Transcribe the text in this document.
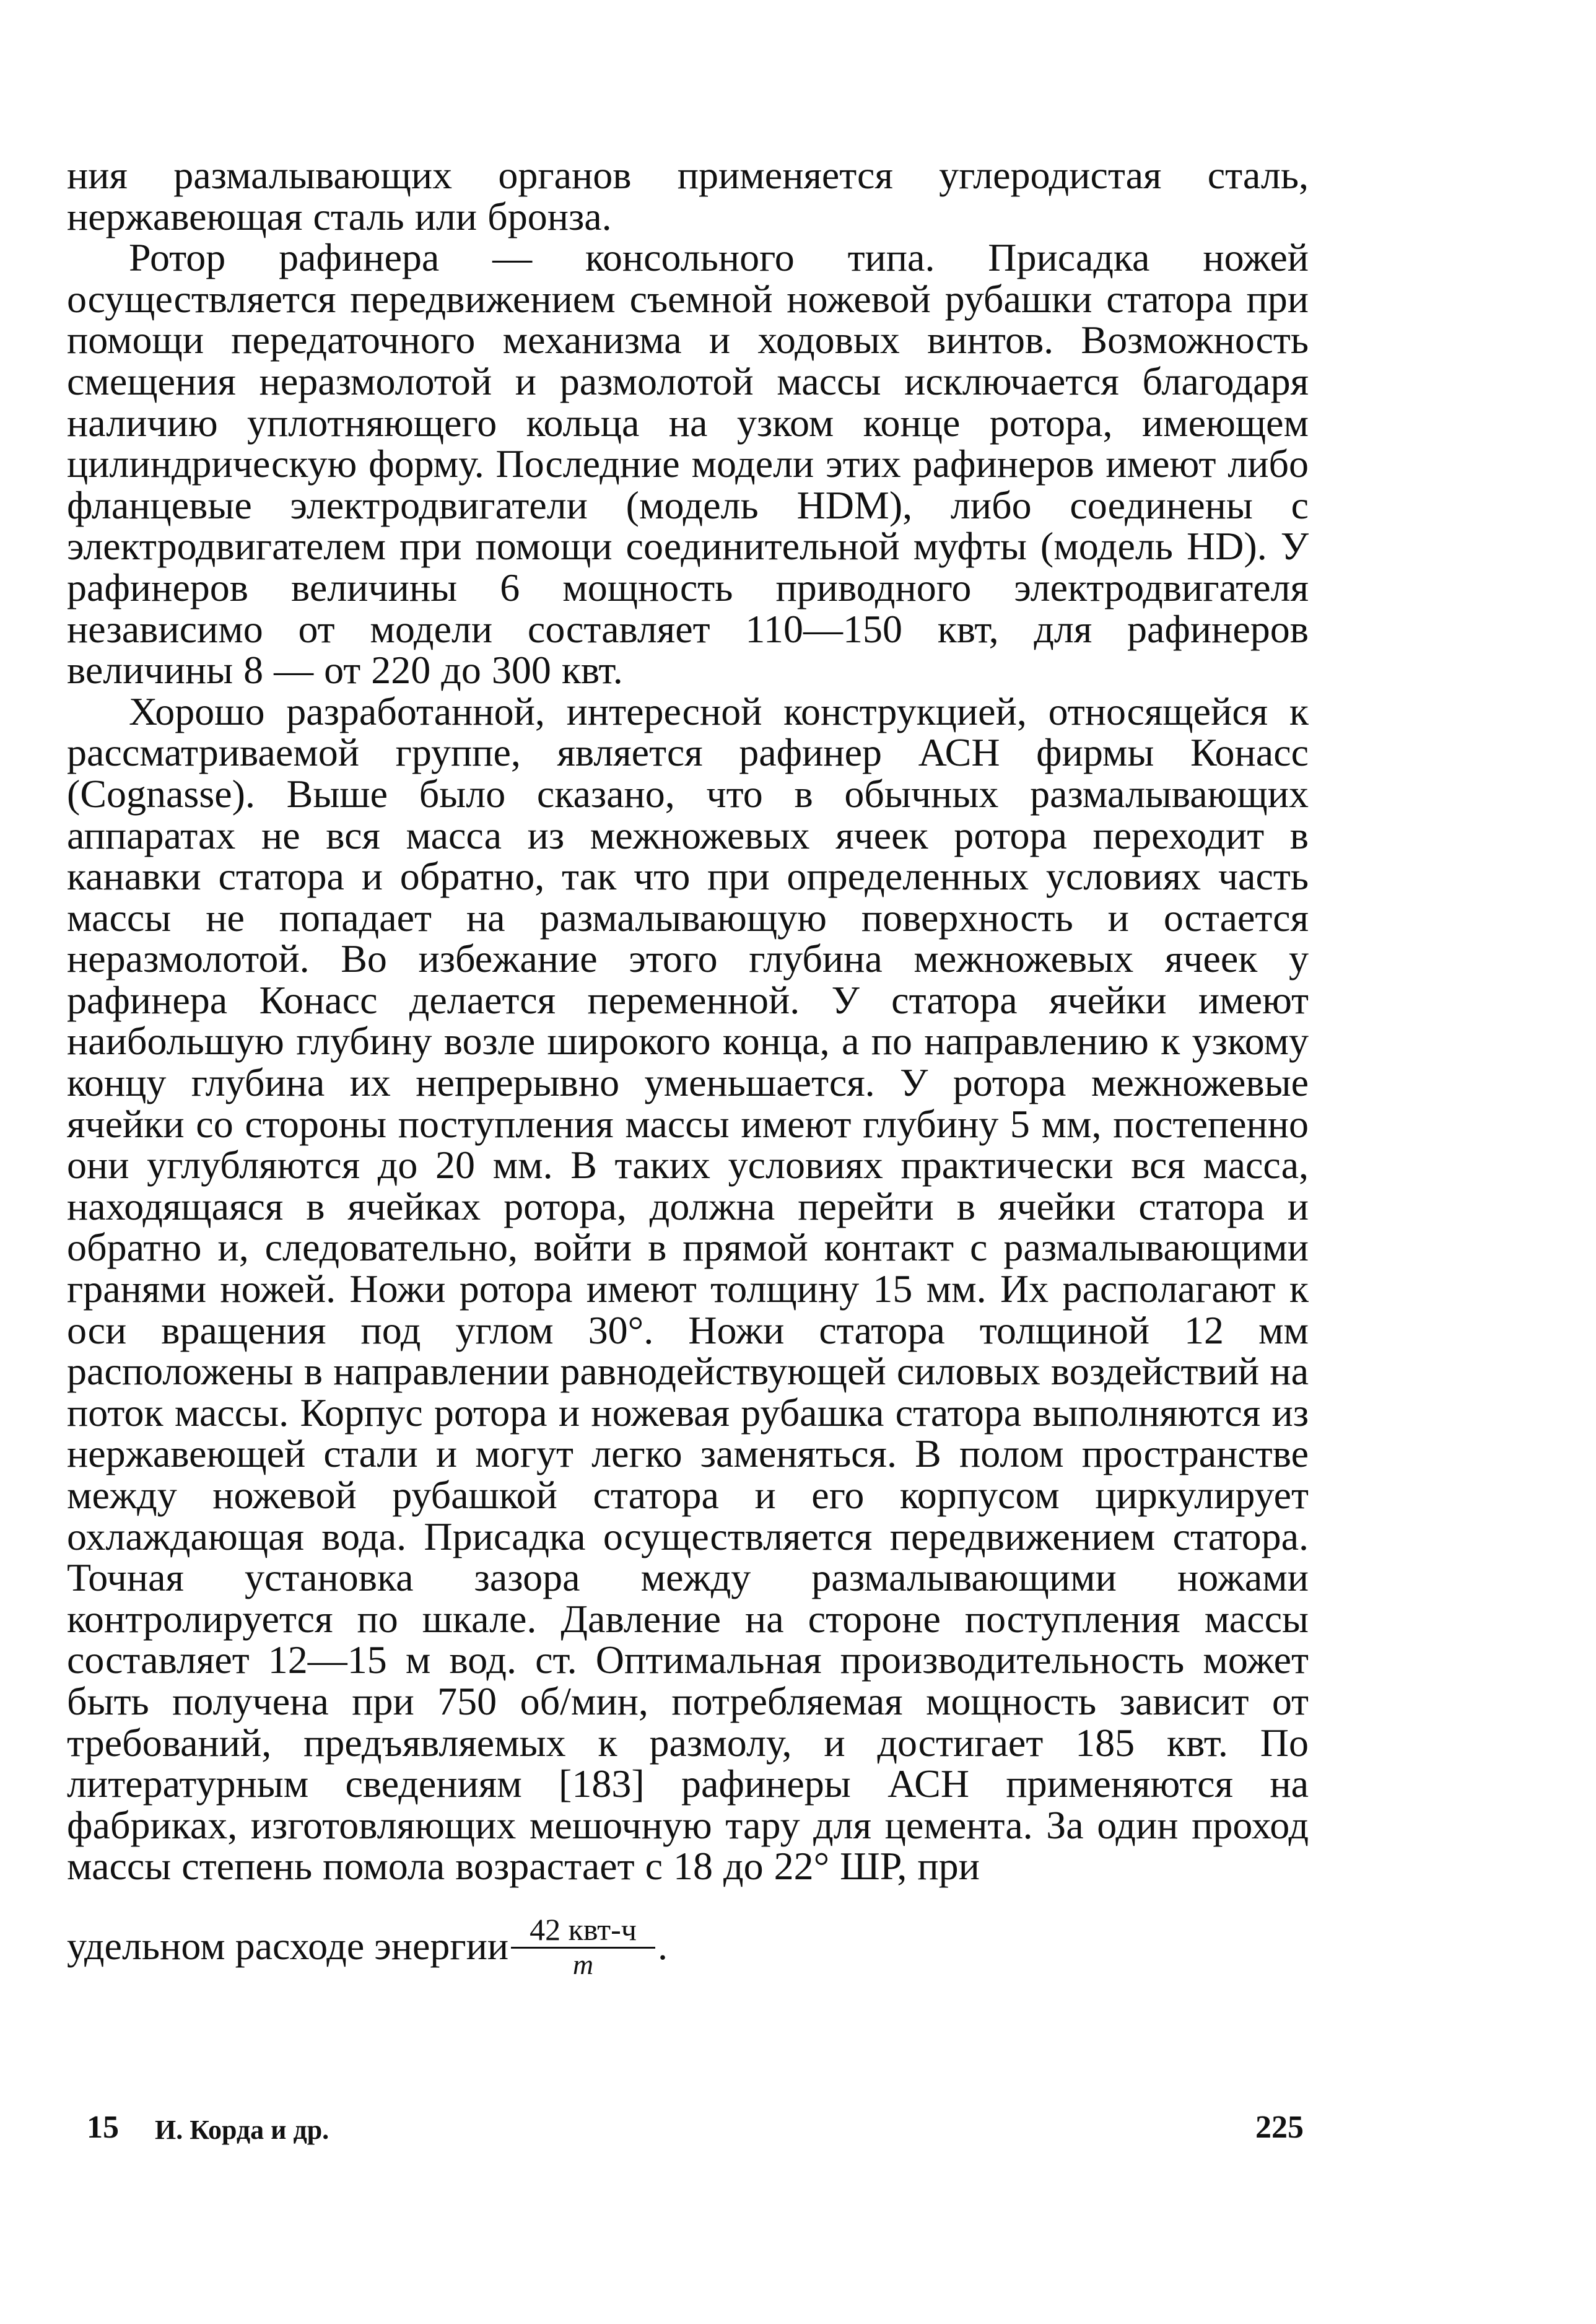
ния размалывающих органов применяется углеродистая сталь, нержавеющая сталь или бронза.

Ротор рафинера — консольного типа. Присадка ножей осуществляется передвижением съемной ножевой рубашки статора при помощи передаточного механизма и ходовых винтов. Возможность смещения неразмолотой и размолотой массы исключается благодаря наличию уплотняющего кольца на узком конце ротора, имеющем цилиндрическую форму. Последние модели этих рафинеров имеют либо фланцевые электродвигатели (модель HDM), либо соединены с электродвигателем при помощи соединительной муфты (модель HD). У рафинеров величины 6 мощность приводного электродвигателя независимо от модели составляет 110—150 квт, для рафинеров величины 8 — от 220 до 300 квт.

Хорошо разработанной, интересной конструкцией, относящейся к рассматриваемой группе, является рафинер АСН фирмы Конасс (Cognasse). Выше было сказано, что в обычных размалывающих аппаратах не вся масса из межножевых ячеек ротора переходит в канавки статора и обратно, так что при определенных условиях часть массы не попадает на размалывающую поверхность и остается неразмолотой. Во избежание этого глубина межножевых ячеек у рафинера Конасс делается переменной. У статора ячейки имеют наибольшую глубину возле широкого конца, а по направлению к узкому концу глубина их непрерывно уменьшается. У ротора межножевые ячейки со стороны поступления массы имеют глубину 5 мм, постепенно они углубляются до 20 мм. В таких условиях практически вся масса, находящаяся в ячейках ротора, должна перейти в ячейки статора и обратно и, следовательно, войти в прямой контакт с размалывающими гранями ножей. Ножи ротора имеют толщину 15 мм. Их располагают к оси вращения под углом 30°. Ножи статора толщиной 12 мм расположены в направлении равнодействующей силовых воздействий на поток массы. Корпус ротора и ножевая рубашка статора выполняются из нержавеющей стали и могут легко заменяться. В полом пространстве между ножевой рубашкой статора и его корпусом циркулирует охлаждающая вода. Присадка осуществляется передвижением статора. Точная установка зазора между размалывающими ножами контролируется по шкале. Давление на стороне поступления массы составляет 12—15 м вод. ст. Оптимальная производительность может быть получена при 750 об/мин, потребляемая мощность зависит от требований, предъявляемых к размолу, и достигает 185 квт. По литературным сведениям [183] рафинеры АСН применяются на фабриках, изготовляющих мешочную тару для цемента. За один проход массы степень помола возрастает с 18 до 22° ШР, при

удельном расходе энергии $\frac{\text{42 квт-ч}}{т}$ .
15 И. Корда и др.	225
